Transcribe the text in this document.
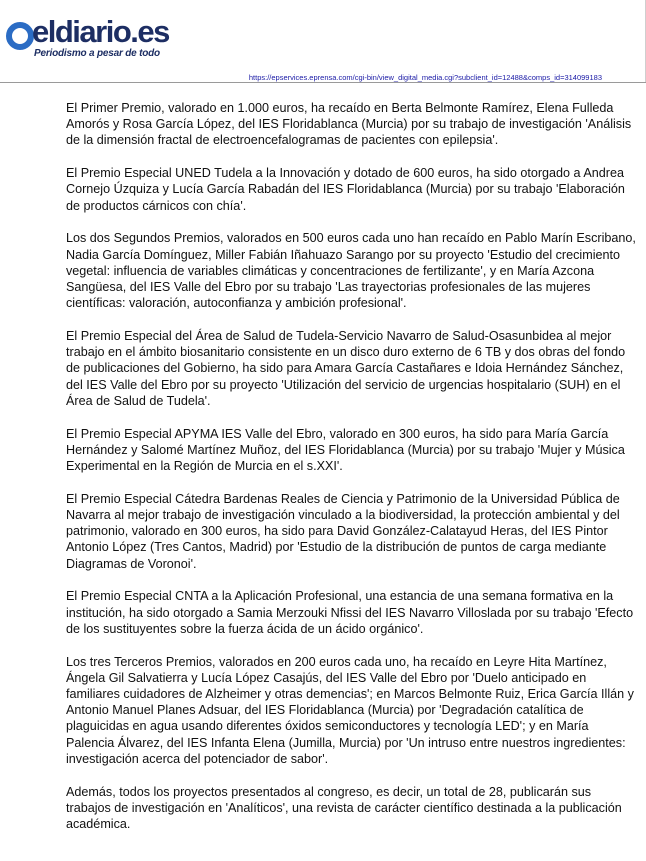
eldiario.es
Periodismo a pesar de todo
https://epservices.eprensa.com/cgi-bin/view_digital_media.cgi?subclient_id=12488&comps_id=314099183

El Primer Premio, valorado en 1.000 euros, ha recaído en Berta Belmonte Ramírez, Elena Fulleda Amorós y Rosa García López, del IES Floridablanca (Murcia) por su trabajo de investigación 'Análisis de la dimensión fractal de electroencefalogramas de pacientes con epilepsia'.

El Premio Especial UNED Tudela a la Innovación y dotado de 600 euros, ha sido otorgado a Andrea Cornejo Úzquiza y Lucía García Rabadán del IES Floridablanca (Murcia) por su trabajo 'Elaboración de productos cárnicos con chía'.

Los dos Segundos Premios, valorados en 500 euros cada uno han recaído en Pablo Marín Escribano, Nadia García Domínguez, Miller Fabián Iñahuazo Sarango por su proyecto 'Estudio del crecimiento vegetal: influencia de variables climáticas y concentraciones de fertilizante', y en María Azcona Sangüesa, del IES Valle del Ebro por su trabajo 'Las trayectorias profesionales de las mujeres científicas: valoración, autoconfianza y ambición profesional'.

El Premio Especial del Área de Salud de Tudela-Servicio Navarro de Salud-Osasunbidea al mejor trabajo en el ámbito biosanitario consistente en un disco duro externo de 6 TB y dos obras del fondo de publicaciones del Gobierno, ha sido para Amara García Castañares e Idoia Hernández Sánchez, del IES Valle del Ebro por su proyecto 'Utilización del servicio de urgencias hospitalario (SUH) en el Área de Salud de Tudela'.

El Premio Especial APYMA IES Valle del Ebro, valorado en 300 euros, ha sido para María García Hernández y Salomé Martínez Muñoz, del IES Floridablanca (Murcia) por su trabajo 'Mujer y Música Experimental en la Región de Murcia en el s.XXI'.

El Premio Especial Cátedra Bardenas Reales de Ciencia y Patrimonio de la Universidad Pública de Navarra al mejor trabajo de investigación vinculado a la biodiversidad, la protección ambiental y del patrimonio, valorado en 300 euros, ha sido para David González-Calatayud Heras, del IES Pintor Antonio López (Tres Cantos, Madrid) por 'Estudio de la distribución de puntos de carga mediante Diagramas de Voronoi'.

El Premio Especial CNTA a la Aplicación Profesional, una estancia de una semana formativa en la institución, ha sido otorgado a Samia Merzouki Nfissi del IES Navarro Villoslada por su trabajo 'Efecto de los sustituyentes sobre la fuerza ácida de un ácido orgánico'.

Los tres Terceros Premios, valorados en 200 euros cada uno, ha recaído en Leyre Hita Martínez, Ángela Gil Salvatierra y Lucía López Casajús, del IES Valle del Ebro por 'Duelo anticipado en familiares cuidadores de Alzheimer y otras demencias'; en Marcos Belmonte Ruiz, Erica García Illán y Antonio Manuel Planes Adsuar, del IES Floridablanca (Murcia) por 'Degradación catalítica de plaguicidas en agua usando diferentes óxidos semiconductores y tecnología LED'; y en María Palencia Álvarez, del IES Infanta Elena (Jumilla, Murcia) por 'Un intruso entre nuestros ingredientes: investigación acerca del potenciador de sabor'.

Además, todos los proyectos presentados al congreso, es decir, un total de 28, publicarán sus trabajos de investigación en 'Analíticos', una revista de carácter científico destinada a la publicación académica.
